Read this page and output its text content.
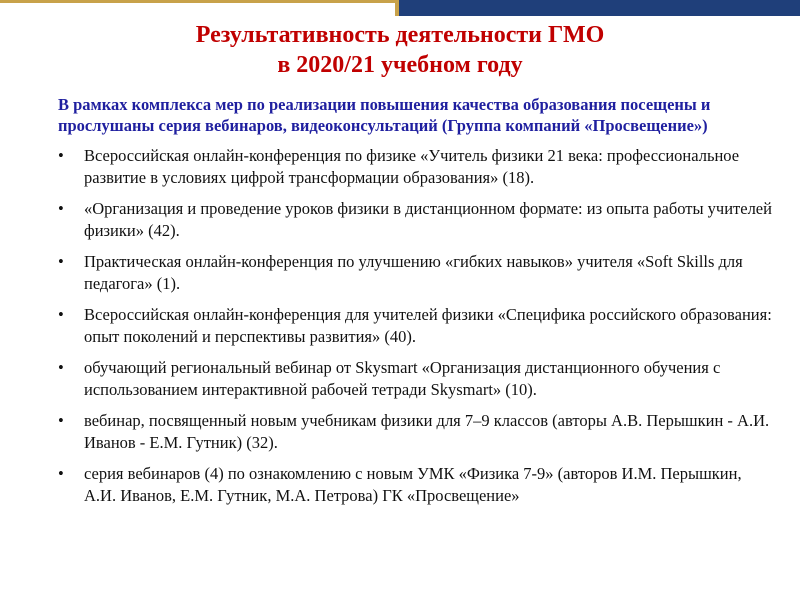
Результативность деятельности ГМО
в 2020/21 учебном году
В рамках комплекса мер по реализации повышения качества образования посещены и прослушаны серия вебинаров, видеоконсультаций (Группа компаний «Просвещение»)
•	Всероссийская онлайн-конференция по физике «Учитель физики 21 века: профессиональное развитие в условиях цифрой трансформации образования» (18).
•	«Организация и проведение уроков физики в дистанционном формате: из опыта работы учителей физики» (42).
•	Практическая онлайн-конференция по улучшению «гибких навыков» учителя «Soft Skills для педагога» (1).
•	Всероссийская онлайн-конференция для учителей физики «Специфика российского образования: опыт поколений и перспективы развития» (40).
•	обучающий региональный вебинар от Skysmart «Организация дистанционного обучения с использованием интерактивной рабочей тетради Skysmart» (10).
•	вебинар, посвященный новым учебникам физики для 7–9 классов (авторы А.В. Перышкин - А.И. Иванов - Е.М. Гутник) (32).
•	серия вебинаров (4) по ознакомлению с новым УМК «Физика 7-9» (авторов И.М. Перышкин, А.И. Иванов, Е.М. Гутник, М.А. Петрова) ГК «Просвещение»
